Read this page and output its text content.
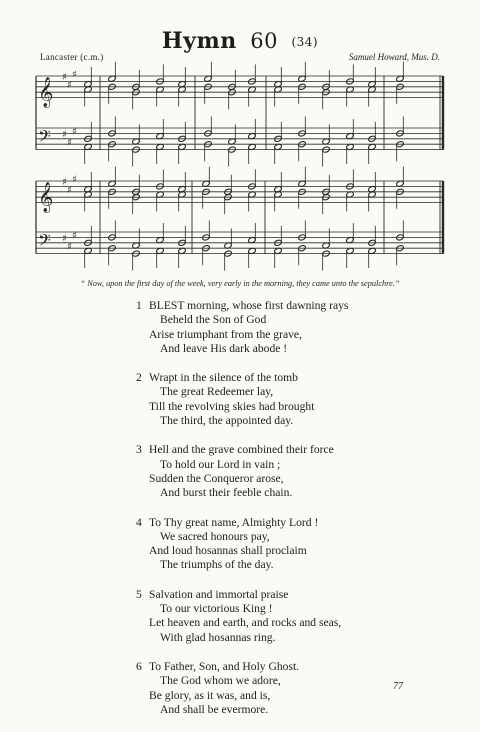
Hymn 60 (34)
Lancaster (c.m.)	Samuel Howard, Mus. D.
𝄞
𝄢
♯
♯
♯
♯
♯
♯
𝄞
𝄢
♯
♯
♯
♯
♯
♯
“ Now, upon the first day of the week, very early in the morning, they came unto the sepulchre.”
1 BLEST morning, whose first dawning rays
Beheld the Son of God
Arise triumphant from the grave,
And leave His dark abode !
2 Wrapt in the silence of the tomb
The great Redeemer lay,
Till the revolving skies had brought
The third, the appointed day.
3 Hell and the grave combined their force
To hold our Lord in vain ;
Sudden the Conqueror arose,
And burst their feeble chain.
4 To Thy great name, Almighty Lord !
We sacred honours pay,
And loud hosannas shall proclaim
The triumphs of the day.
5 Salvation and immortal praise
To our victorious King !
Let heaven and earth, and rocks and seas,
With glad hosannas ring.
6 To Father, Son, and Holy Ghost.
The God whom we adore,
Be glory, as it was, and is,
And shall be evermore.
77
